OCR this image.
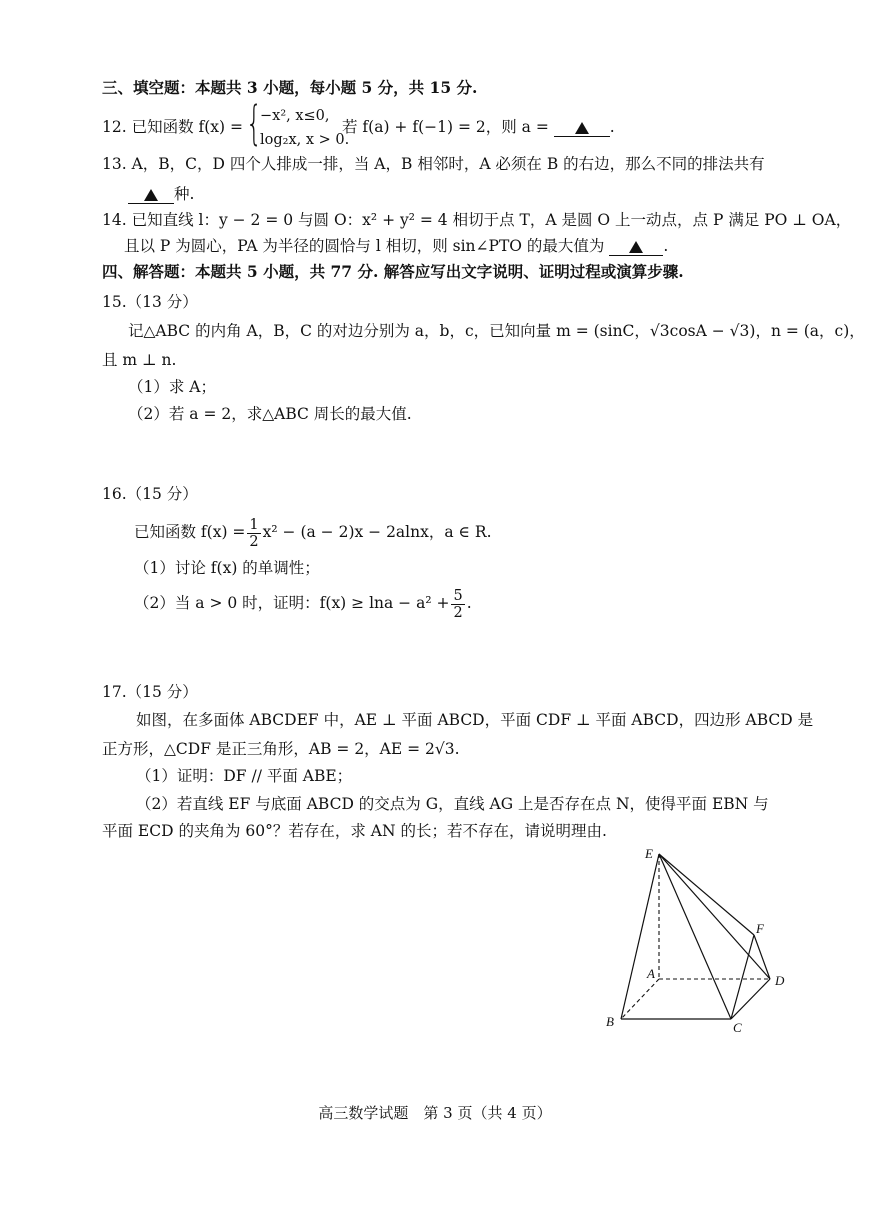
三、填空题：本题共 3 小题，每小题 5 分，共 15 分.
12. 已知函数 f(x) = {
−x², x≤0,
log₂x, x > 0.
若 f(a) + f(−1) = 2，则 a =	.
13. A，B，C，D 四个人排成一排，当 A，B 相邻时，A 必须在 B 的右边，那么不同的排法共有
种.
14. 已知直线 l：y − 2 = 0 与圆 O：x² + y² = 4 相切于点 T，A 是圆 O 上一动点，点 P 满足 PO ⊥ OA，
且以 P 为圆心，PA 为半径的圆恰与 l 相切，则 sin∠PTO 的最大值为	.
四、解答题：本题共 5 小题，共 77 分. 解答应写出文字说明、证明过程或演算步骤.
15.（13 分）
记△ABC 的内角 A，B，C 的对边分别为 a，b，c，已知向量 m = (sinC，√3cosA − √3)，n = (a，c)，
且 m ⊥ n.
（1）求 A；
（2）若 a = 2，求△ABC 周长的最大值.
16.（15 分）
已知函数 $f(x) = \frac{1}{2} x^2 - (a - 2)x - 2alnx$，a ∈ R.
（1）讨论 f(x) 的单调性；
（2）当 a > 0 时，证明：$f(x) \ge \ln a - a^2 + \frac{5}{2}$ .
17.（15 分）
如图，在多面体 ABCDEF 中，AE ⊥ 平面 ABCD，平面 CDF ⊥ 平面 ABCD，四边形 ABCD 是
正方形，△CDF 是正三角形，AB = 2，AE = 2√3.
（1）证明：DF // 平面 ABE；
（2）若直线 EF 与底面 ABCD 的交点为 G，直线 AG 上是否存在点 N，使得平面 EBN 与
平面 ECD 的夹角为 60°？若存在，求 AN 的长；若不存在，请说明理由.
E
F
A	D
B	C
高三数学试题　第 3 页（共 4 页）
